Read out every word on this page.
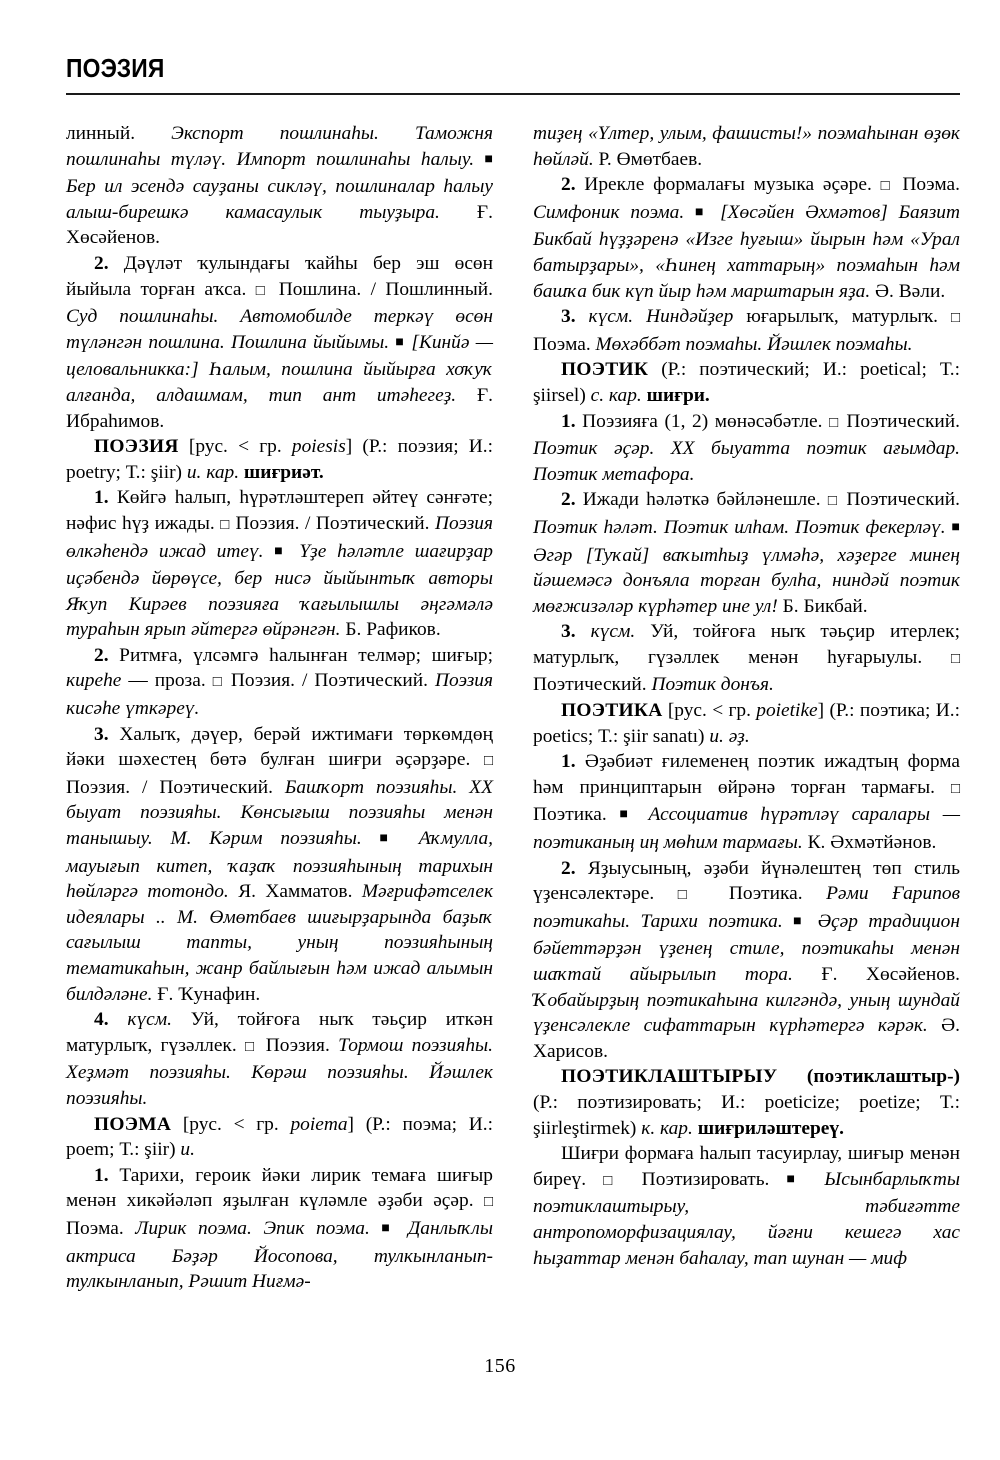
ПОЭЗИЯ

линный. Экспорт пошлинаһы. Таможня пошлинаһы түләү. Импорт пошлинаһы һалыу. ■ Бер ил эсендә сауҙаны сикләү, пошлиналар һалыу алыш-бирешкә камасаулык тыуҙыра. Ғ. Хөсәйенов.

2. Дәүләт ҡулындағы ҡайһы бер эш өсөн йыйыла торған аҡса. □ Пошлина. / Пошлинный. Суд пошлинаһы. Автомобилде теркәү өсөн түләнгән пошлина. Пошлина йыйымы. ■ [Кинйә — целовальникка:] Һалым, пошлина йыйырға хоҡуҡ алғанда, алдашмам, тип ант итәһегеҙ. Ғ. Ибраһимов.

ПОЭЗИЯ [рус. < гр. poiesis] (Р.: поэзия; И.: poetry; Т.: şiir) и. кар. шиғриәт.

1. Көйгә һалып, һүрәтләштереп әйтеү сәнғәте; нәфис һүҙ ижады. □ Поэзия. / Поэтический. Поэзия өлкәһендә ижад итеү. ■ Үҙе һәләтле шағирҙар иҫәбендә йөрөүсе, бер нисә йыйынтыҡ авторы Яҡуп Кирәев поэзияға ҡағылышлы әңгәмәлә тураһын ярып әйтергә өйрәнгән. Б. Рафиков.

2. Ритмға, үлсәмгә һалынған телмәр; шиғыр; киреһе — проза. □ Поэзия. / Поэтический. Поэзия кисәһе үткәреү.

3. Халыҡ, дәүер, берәй ижтимағи төркөмдөң йәки шәхестең бөтә булған шиғри әҫәрҙәре. □ Поэзия. / Поэтический. Башҡорт поэзияһы. XX быуат поэзияһы. Көнсығыш поэзияһы менән танышыу. М. Кәрим поэзияһы. ■ Аҡмулла, мауығып китеп, ҡаҙаҡ поэзияһының тарихын һөйләргә тотондо. Я. Хамматов. Мәғрифәтселек идеялары .. М. Өмөтбаев шиғырҙарында баҙыҡ сағылыш тапты, уның поэзияһының тематикаһын, жанр байлығын һәм ижад алымын билдәләне. Ғ. Ҡунафин.

4. күсм. Уй, тойғоға ныҡ тәьҫир иткән матурлыҡ, гүзәллек. □ Поэзия. Тормош поэзияһы. Хеҙмәт поэзияһы. Көрәш поэзияһы. Йәшлек поэзияһы.

ПОЭМА [рус. < гр. poiema] (Р.: поэма; И.: poem; Т.: şiir) и.

1. Тарихи, героик йәки лирик темаға шиғыр менән хикәйәләп яҙылған күләмле әҙәби әҫәр. □ Поэма. Лирик поэма. Эпик поэма. ■ Данлыҡлы актриса Бәҙәр Йосопова, тулкынланып-тулкынланып, Рәшит Ниғмә-

тиҙең «Үлтер, улым, фашисты!» поэмаһынан өҙөк һөйләй. Р. Өмөтбаев.

2. Ирекле формалағы музыка әҫәре. □ Поэма. Симфоник поэма. ■ [Хөсәйен Әхмәтов] Баязит Бикбай һүҙҙәренә «Изге һуғыш» йырын һәм «Урал батырҙары», «Һинең хаттарың» поэмаһын һәм башҡа бик күп йыр һәм марштарын яҙа. Ә. Вәли.

3. күсм. Ниндәйҙер юғарылыҡ, матурлыҡ. □ Поэма. Мөхәббәт поэмаһы. Йәшлек поэмаһы.

ПОЭТИК (Р.: поэтический; И.: poetical; Т.: şiirsel) с. кар. шиғри.

1. Поэзияға (1, 2) мөнәсәбәтле. □ Поэтический. Поэтик әҫәр. XX быуатта поэтик ағымдар. Поэтик метафора.

2. Ижади һәләткә бәйләнешле. □ Поэтический. Поэтик һәләт. Поэтик илһам. Поэтик фекерләү. ■ Әгәр [Туҡай] ваҡытһыҙ үлмәһә, хәҙерге минең йәшемәсә донъяла торған булһа, ниндәй поэтик мөғжизәләр күрһәтер ине ул! Б. Бикбай.

3. күсм. Уй, тойғоға ныҡ тәьҫир итерлек; матурлыҡ, гүзәллек менән һуғарыулы. □ Поэтический. Поэтик донъя.

ПОЭТИКА [рус. < гр. poietike] (Р.: поэтика; И.: poetics; Т.: şiir sanatı) и. әҙ.

1. Әҙәбиәт ғилеменең поэтик ижадтың форма һәм принциптарын өйрәнә торған тармағы. □ Поэтика. ■ Ассоциатив һүрәтләү саралары — поэтиканың иң мөһим тармағы. К. Әхмәтйәнов.

2. Яҙыусының, әҙәби йүнәлештең төп стиль үҙенсәлектәре. □ Поэтика. Рәми Ғарипов поэтикаһы. Тарихи поэтика. ■ Әҫәр традицион бәйеттәрҙән үҙенең стиле, поэтикаһы менән шаҡтай айырылып тора. Ғ. Хөсәйенов. Ҡобайырҙың поэтикаһына килгәндә, уның шундай үҙенсәлекле сифаттарын күрһәтергә кәрәк. Ә. Харисов.

ПОЭТИКЛАШТЫРЫУ (поэтиклаштыр-) (Р.: поэтизировать; И.: poeticize; poetize; Т.: şiirleştirmek) к. кар. шиғриләштереү.

Шиғри формаға һалып тасуирлау, шиғыр менән биреү. □ Поэтизировать. ■ Ысынбарлыҡты поэтиклаштырыу, тәбиғәтте антропоморфизациялау, йәғни кешегә хас һыҙаттар менән баһалау, тап шунан — миф

156
